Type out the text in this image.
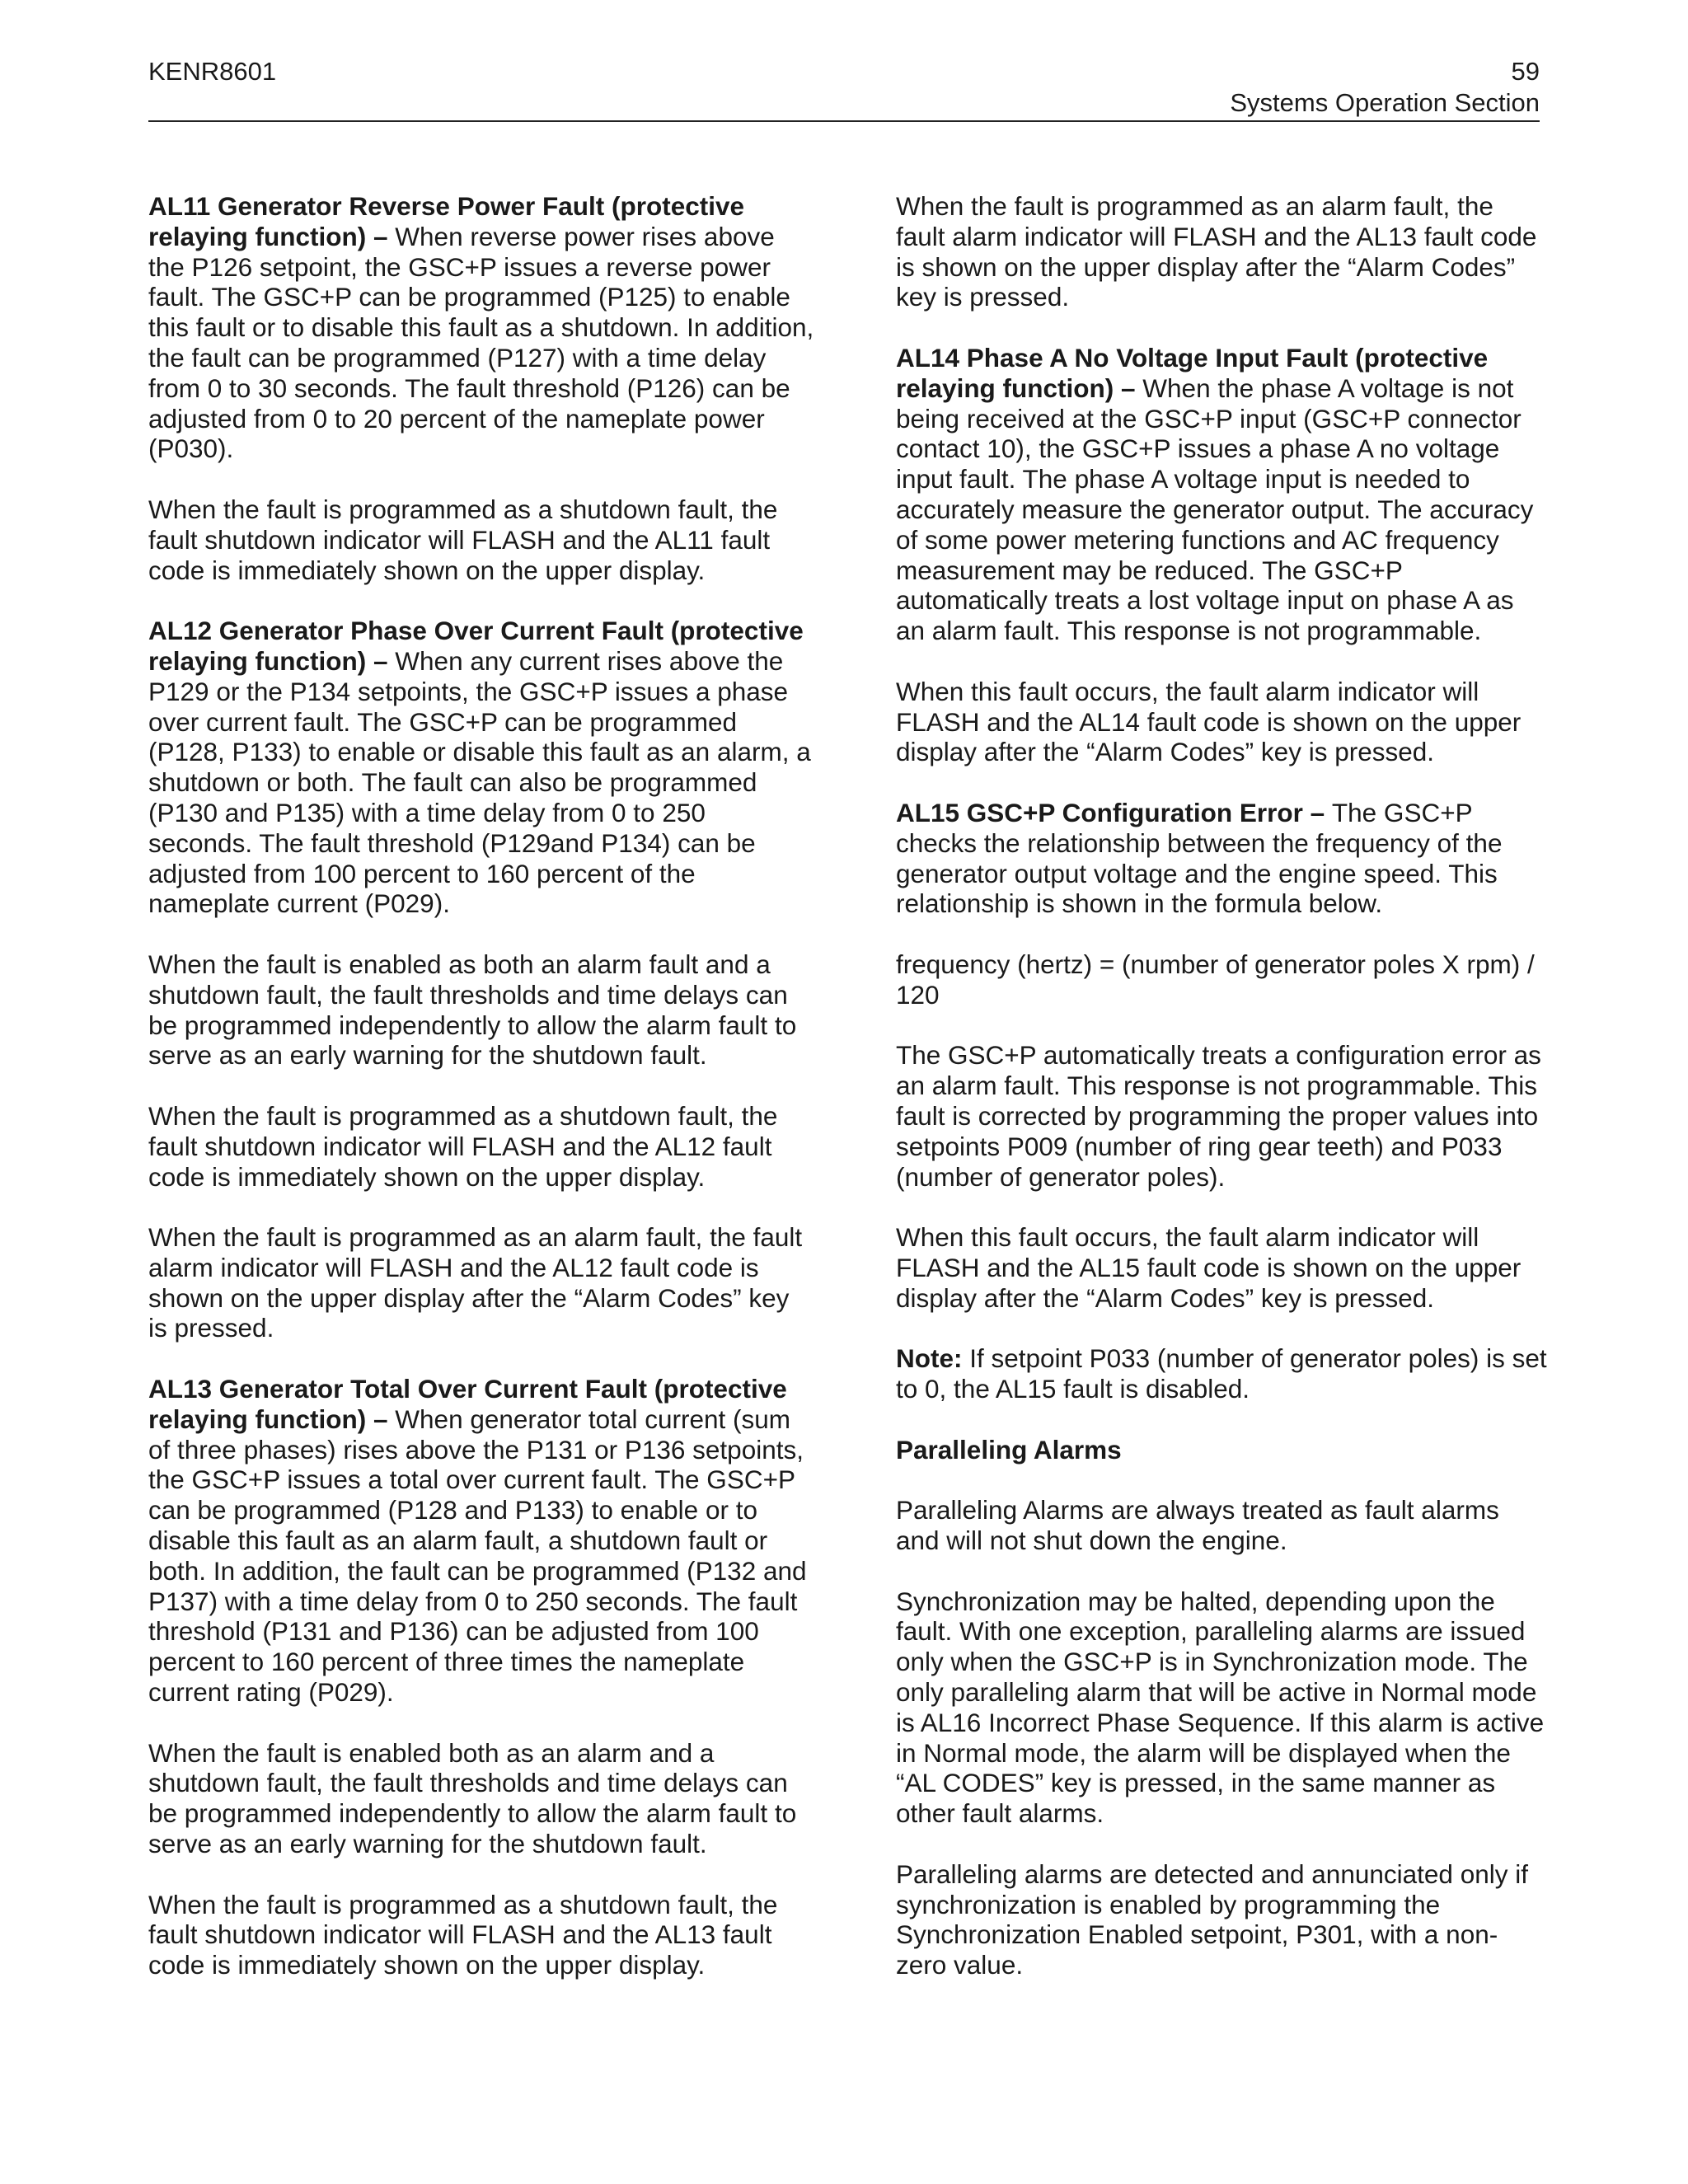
KENR8601	59
Systems Operation Section

AL11 Generator Reverse Power Fault (protective relaying function) – When reverse power rises above the P126 setpoint, the GSC+P issues a reverse power fault. The GSC+P can be programmed (P125) to enable this fault or to disable this fault as a shutdown. In addition, the fault can be programmed (P127) with a time delay from 0 to 30 seconds. The fault threshold (P126) can be adjusted from 0 to 20 percent of the nameplate power (P030).

When the fault is programmed as a shutdown fault, the fault shutdown indicator will FLASH and the AL11 fault code is immediately shown on the upper display.

AL12 Generator Phase Over Current Fault (protective relaying function) – When any current rises above the P129 or the P134 setpoints, the GSC+P issues a phase over current fault. The GSC+P can be programmed (P128, P133) to enable or disable this fault as an alarm, a shutdown or both. The fault can also be programmed (P130 and P135) with a time delay from 0 to 250 seconds. The fault threshold (P129and P134) can be adjusted from 100 percent to 160 percent of the nameplate current (P029).

When the fault is enabled as both an alarm fault and a shutdown fault, the fault thresholds and time delays can be programmed independently to allow the alarm fault to serve as an early warning for the shutdown fault.

When the fault is programmed as a shutdown fault, the fault shutdown indicator will FLASH and the AL12 fault code is immediately shown on the upper display.

When the fault is programmed as an alarm fault, the fault alarm indicator will FLASH and the AL12 fault code is shown on the upper display after the “Alarm Codes” key is pressed.

AL13 Generator Total Over Current Fault (protective relaying function) – When generator total current (sum of three phases) rises above the P131 or P136 setpoints, the GSC+P issues a total over current fault. The GSC+P can be programmed (P128 and P133) to enable or to disable this fault as an alarm fault, a shutdown fault or both. In addition, the fault can be programmed (P132 and P137) with a time delay from 0 to 250 seconds. The fault threshold (P131 and P136) can be adjusted from 100 percent to 160 percent of three times the nameplate current rating (P029).

When the fault is enabled both as an alarm and a shutdown fault, the fault thresholds and time delays can be programmed independently to allow the alarm fault to serve as an early warning for the shutdown fault.

When the fault is programmed as a shutdown fault, the fault shutdown indicator will FLASH and the AL13 fault code is immediately shown on the upper display.

When the fault is programmed as an alarm fault, the fault alarm indicator will FLASH and the AL13 fault code is shown on the upper display after the “Alarm Codes” key is pressed.

AL14 Phase A No Voltage Input Fault (protective relaying function) – When the phase A voltage is not being received at the GSC+P input (GSC+P connector contact 10), the GSC+P issues a phase A no voltage input fault. The phase A voltage input is needed to accurately measure the generator output. The accuracy of some power metering functions and AC frequency measurement may be reduced. The GSC+P automatically treats a lost voltage input on phase A as an alarm fault. This response is not programmable.

When this fault occurs, the fault alarm indicator will FLASH and the AL14 fault code is shown on the upper display after the “Alarm Codes” key is pressed.

AL15 GSC+P Configuration Error – The GSC+P checks the relationship between the frequency of the generator output voltage and the engine speed. This relationship is shown in the formula below.

frequency (hertz) = (number of generator poles X rpm) / 120

The GSC+P automatically treats a configuration error as an alarm fault. This response is not programmable. This fault is corrected by programming the proper values into setpoints P009 (number of ring gear teeth) and P033 (number of generator poles).

When this fault occurs, the fault alarm indicator will FLASH and the AL15 fault code is shown on the upper display after the “Alarm Codes” key is pressed.

Note: If setpoint P033 (number of generator poles) is set to 0, the AL15 fault is disabled.

Paralleling Alarms

Paralleling Alarms are always treated as fault alarms and will not shut down the engine.

Synchronization may be halted, depending upon the fault. With one exception, paralleling alarms are issued only when the GSC+P is in Synchronization mode. The only paralleling alarm that will be active in Normal mode is AL16 Incorrect Phase Sequence. If this alarm is active in Normal mode, the alarm will be displayed when the “AL CODES” key is pressed, in the same manner as other fault alarms.

Paralleling alarms are detected and annunciated only if synchronization is enabled by programming the Synchronization Enabled setpoint, P301, with a non-zero value.
